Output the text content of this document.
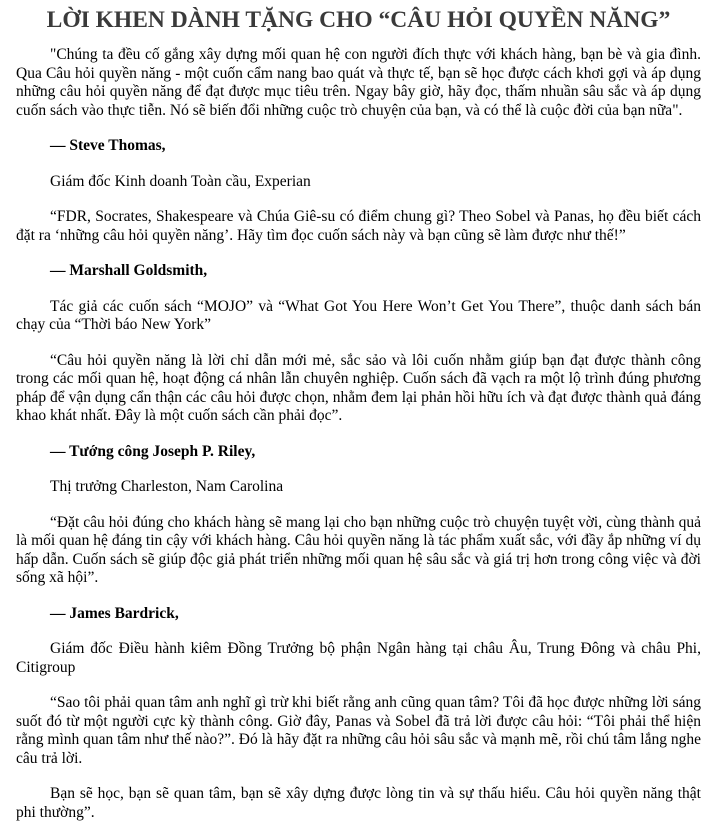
LỜI KHEN DÀNH TẶNG CHO “CÂU HỎI QUYỀN NĂNG”

"Chúng ta đều cố gắng xây dựng mối quan hệ con người đích thực với khách hàng, bạn bè và gia đình. Qua Câu hỏi quyền năng - một cuốn cẩm nang bao quát và thực tế, bạn sẽ học được cách khơi gợi và áp dụng những câu hỏi quyền năng để đạt được mục tiêu trên. Ngay bây giờ, hãy đọc, thấm nhuần sâu sắc và áp dụng cuốn sách vào thực tiễn. Nó sẽ biến đổi những cuộc trò chuyện của bạn, và có thể là cuộc đời của bạn nữa".

— Steve Thomas,

Giám đốc Kinh doanh Toàn cầu, Experian

“FDR, Socrates, Shakespeare và Chúa Giê-su có điểm chung gì? Theo Sobel và Panas, họ đều biết cách đặt ra ‘những câu hỏi quyền năng’. Hãy tìm đọc cuốn sách này và bạn cũng sẽ làm được như thế!”

— Marshall Goldsmith,

Tác giả các cuốn sách “MOJO” và “What Got You Here Won’t Get You There”, thuộc danh sách bán chạy của “Thời báo New York”

“Câu hỏi quyền năng là lời chỉ dẫn mới mẻ, sắc sảo và lôi cuốn nhằm giúp bạn đạt được thành công trong các mối quan hệ, hoạt động cá nhân lẫn chuyên nghiệp. Cuốn sách đã vạch ra một lộ trình đúng phương pháp để vận dụng cẩn thận các câu hỏi được chọn, nhằm đem lại phản hồi hữu ích và đạt được thành quả đáng khao khát nhất. Đây là một cuốn sách cần phải đọc”.

— Tướng công Joseph P. Riley,

Thị trưởng Charleston, Nam Carolina

“Đặt câu hỏi đúng cho khách hàng sẽ mang lại cho bạn những cuộc trò chuyện tuyệt vời, cùng thành quả là mối quan hệ đáng tin cậy với khách hàng. Câu hỏi quyền năng là tác phẩm xuất sắc, với đầy ắp những ví dụ hấp dẫn. Cuốn sách sẽ giúp độc giả phát triển những mối quan hệ sâu sắc và giá trị hơn trong công việc và đời sống xã hội”.

— James Bardrick,

Giám đốc Điều hành kiêm Đồng Trưởng bộ phận Ngân hàng tại châu Âu, Trung Đông và châu Phi, Citigroup

“Sao tôi phải quan tâm anh nghĩ gì trừ khi biết rằng anh cũng quan tâm? Tôi đã học được những lời sáng suốt đó từ một người cực kỳ thành công. Giờ đây, Panas và Sobel đã trả lời được câu hỏi: “Tôi phải thể hiện rằng mình quan tâm như thế nào?”. Đó là hãy đặt ra những câu hỏi sâu sắc và mạnh mẽ, rồi chú tâm lắng nghe câu trả lời.

Bạn sẽ học, bạn sẽ quan tâm, bạn sẽ xây dựng được lòng tin và sự thấu hiểu. Câu hỏi quyền năng thật phi thường”.
